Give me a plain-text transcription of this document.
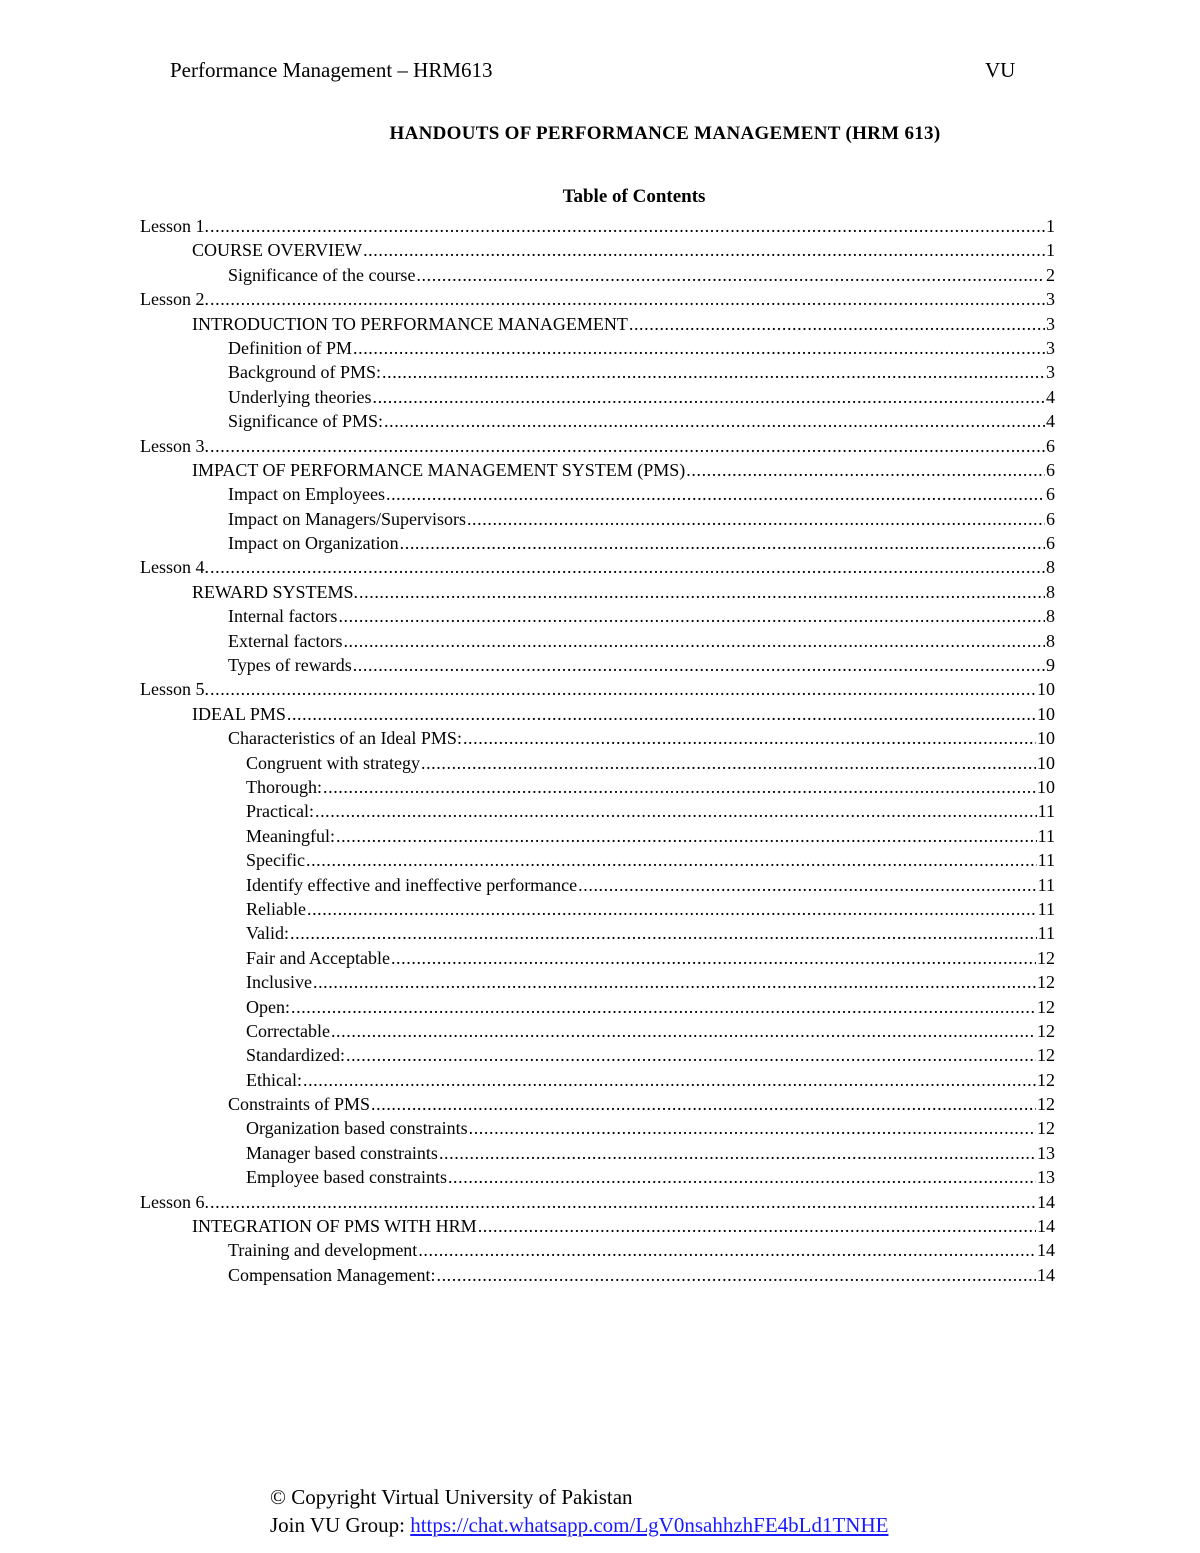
Performance Management – HRM613	VU
HANDOUTS OF PERFORMANCE MANAGEMENT (HRM 613)
Table of Contents
Lesson 1. .....	1
COURSE OVERVIEW .....	1
Significance of the course .....	2
Lesson 2. .....	3
INTRODUCTION TO PERFORMANCE MANAGEMENT .....	3
Definition of PM .....	3
Background of PMS: .....	3
Underlying theories .....	4
Significance of PMS: .....	4
Lesson 3. .....	6
IMPACT OF PERFORMANCE MANAGEMENT SYSTEM (PMS) .....	6
Impact on Employees .....	6
Impact on Managers/Supervisors .....	6
Impact on Organization .....	6
Lesson 4. .....	8
REWARD SYSTEMS. .....	8
Internal factors .....	8
External factors .....	8
Types of rewards .....	9
Lesson 5. .....	10
IDEAL PMS .....	10
Characteristics of an Ideal PMS: .....	10
Congruent with strategy .....	10
Thorough: .....	10
Practical: .....	11
Meaningful: .....	11
Specific .....	11
Identify effective and ineffective performance .....	11
Reliable .....	11
Valid: .....	11
Fair and Acceptable .....	12
Inclusive .....	12
Open: .....	12
Correctable .....	12
Standardized: .....	12
Ethical: .....	12
Constraints of PMS .....	12
Organization based constraints .....	12
Manager based constraints .....	13
Employee based constraints .....	13
Lesson 6. .....	14
INTEGRATION OF PMS WITH HRM .....	14
Training and development .....	14
Compensation Management: .....	14
© Copyright Virtual University of Pakistan
Join VU Group: https://chat.whatsapp.com/LgV0nsahhzhFE4bLd1TNHE
